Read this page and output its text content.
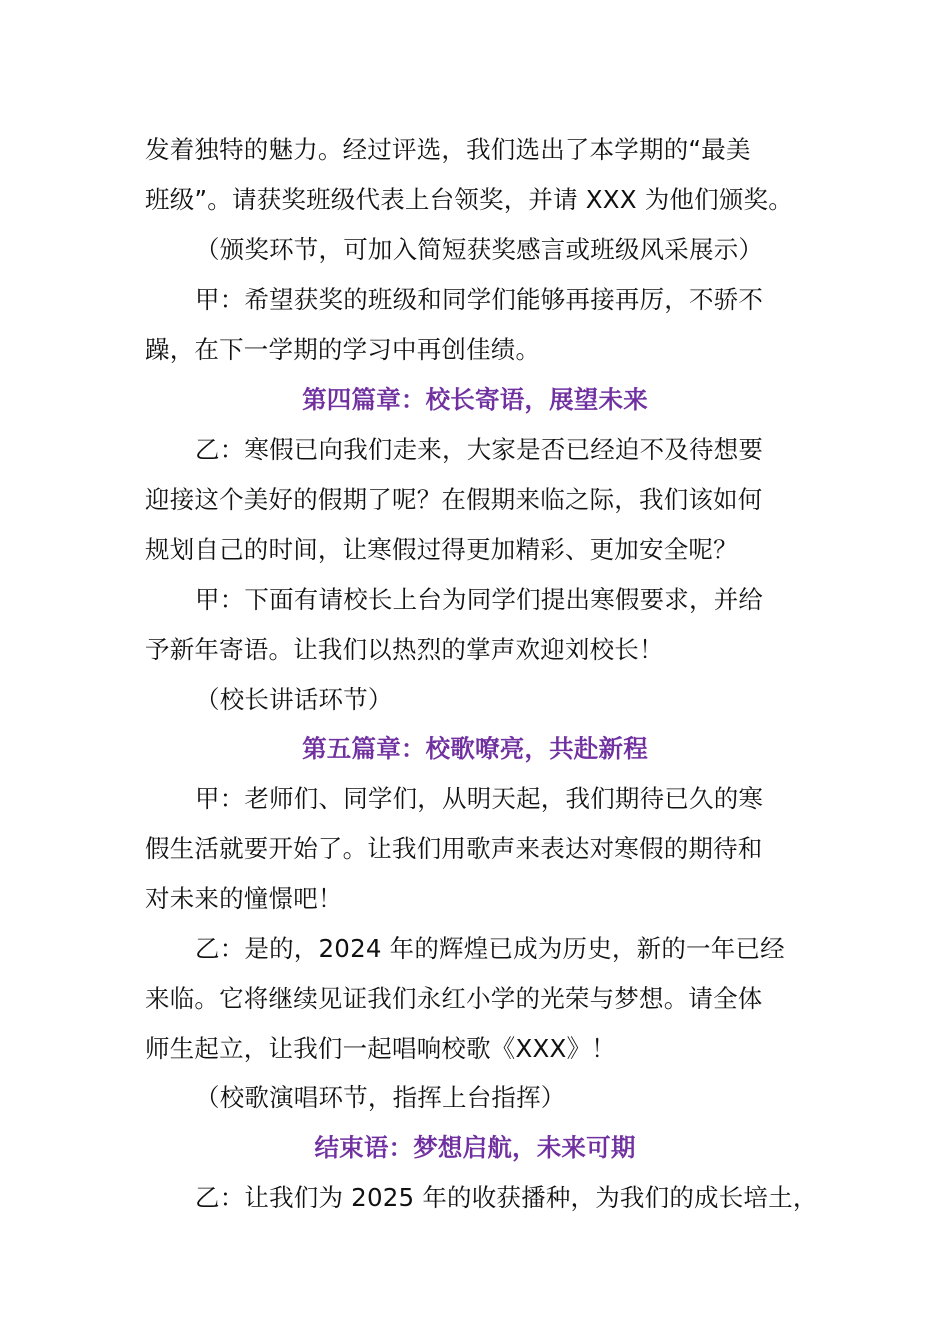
发着独特的魅力。经过评选，我们选出了本学期的“最美
班级”。请获奖班级代表上台领奖，并请 XXX 为他们颁奖。
（颁奖环节，可加入简短获奖感言或班级风采展示）
甲：希望获奖的班级和同学们能够再接再厉，不骄不
躁，在下一学期的学习中再创佳绩。
第四篇章：校长寄语，展望未来
乙：寒假已向我们走来，大家是否已经迫不及待想要
迎接这个美好的假期了呢？在假期来临之际，我们该如何
规划自己的时间，让寒假过得更加精彩、更加安全呢？
甲：下面有请校长上台为同学们提出寒假要求，并给
予新年寄语。让我们以热烈的掌声欢迎刘校长！
（校长讲话环节）
第五篇章：校歌嘹亮，共赴新程
甲：老师们、同学们，从明天起，我们期待已久的寒
假生活就要开始了。让我们用歌声来表达对寒假的期待和
对未来的憧憬吧！
乙：是的，2024 年的辉煌已成为历史，新的一年已经
来临。它将继续见证我们永红小学的光荣与梦想。请全体
师生起立，让我们一起唱响校歌《XXX》！
（校歌演唱环节，指挥上台指挥）
结束语：梦想启航，未来可期
乙：让我们为 2025 年的收获播种，为我们的成长培土，
